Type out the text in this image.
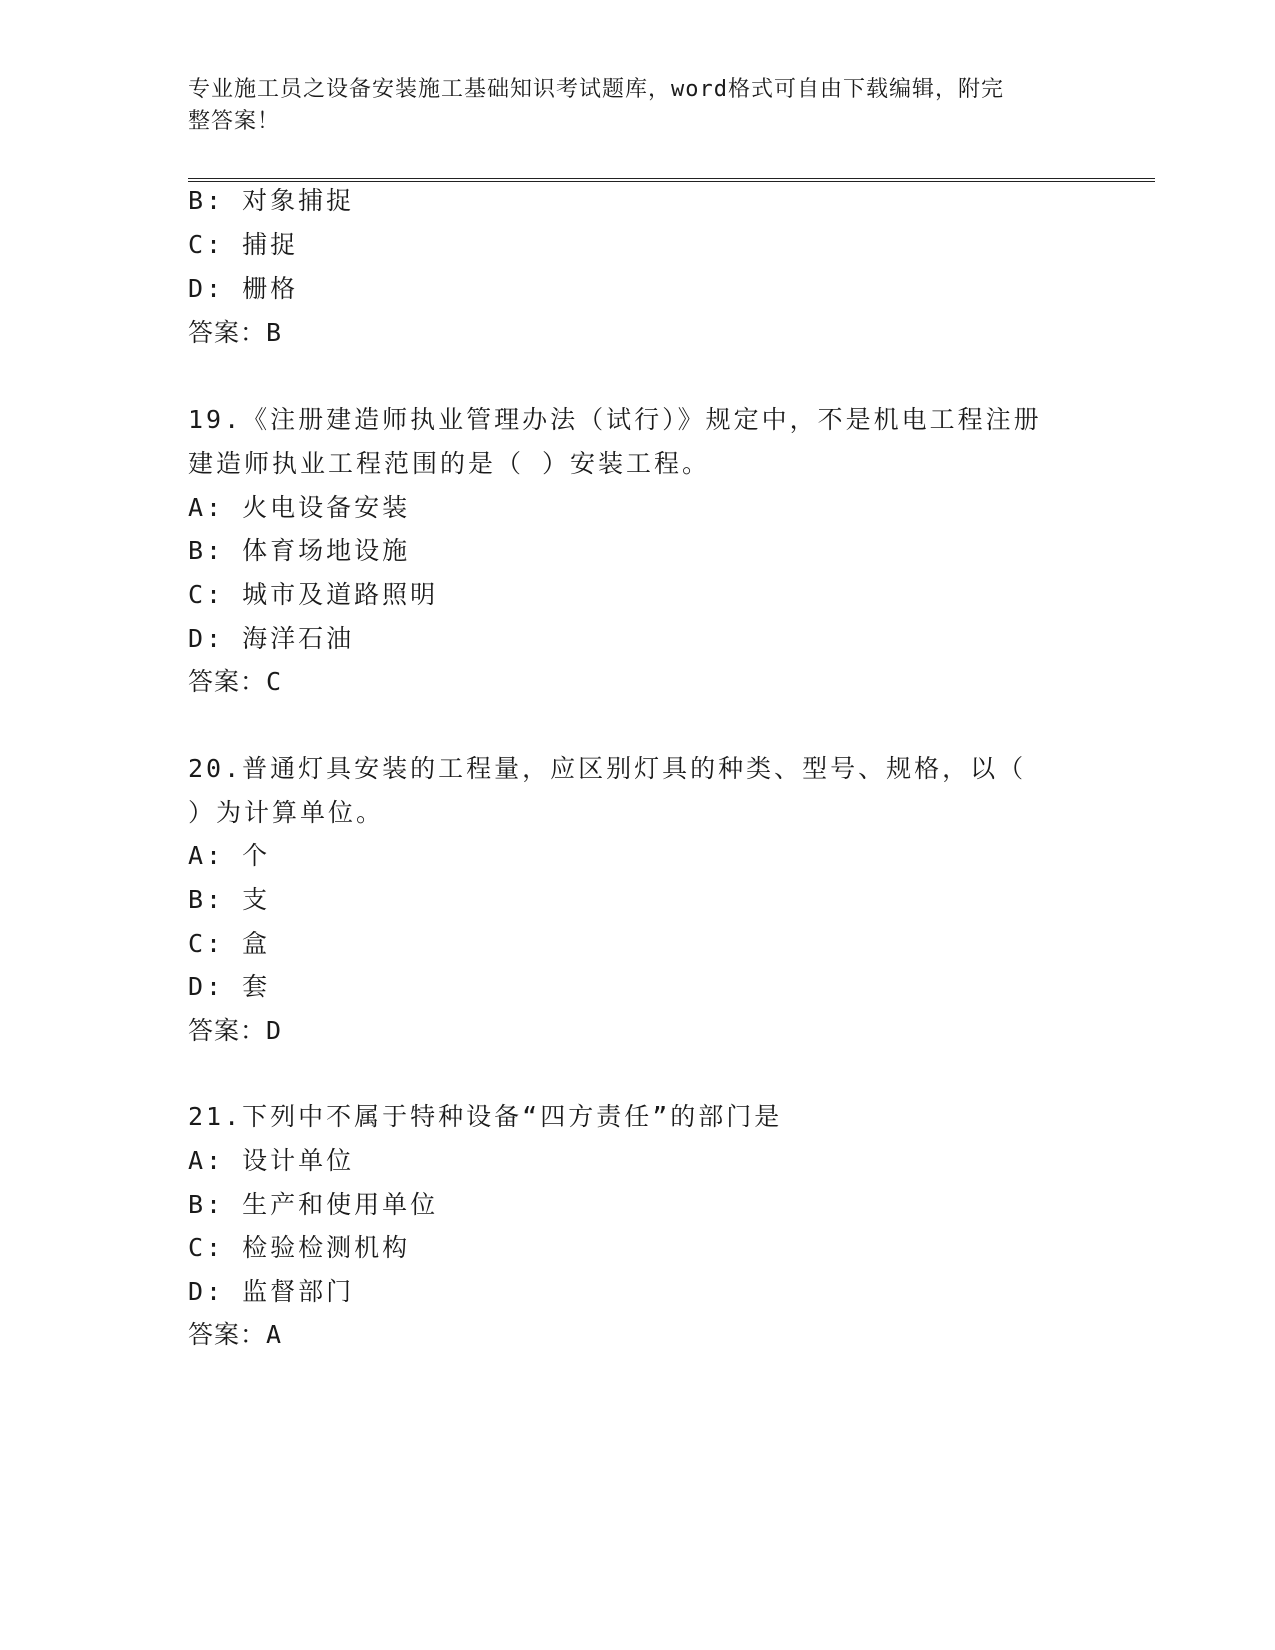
专业施工员之设备安装施工基础知识考试题库，word格式可自由下载编辑，附完
整答案！
B: 对象捕捉
C: 捕捉
D: 栅格
答案：B
19.《注册建造师执业管理办法（试行）》规定中，不是机电工程注册
建造师执业工程范围的是（ ）安装工程。
A: 火电设备安装
B: 体育场地设施
C: 城市及道路照明
D: 海洋石油
答案：C
20.普通灯具安装的工程量，应区别灯具的种类、型号、规格，以（
）为计算单位。
A: 个
B: 支
C: 盒
D: 套
答案：D
21.下列中不属于特种设备“四方责任”的部门是
A: 设计单位
B: 生产和使用单位
C: 检验检测机构
D: 监督部门
答案：A
